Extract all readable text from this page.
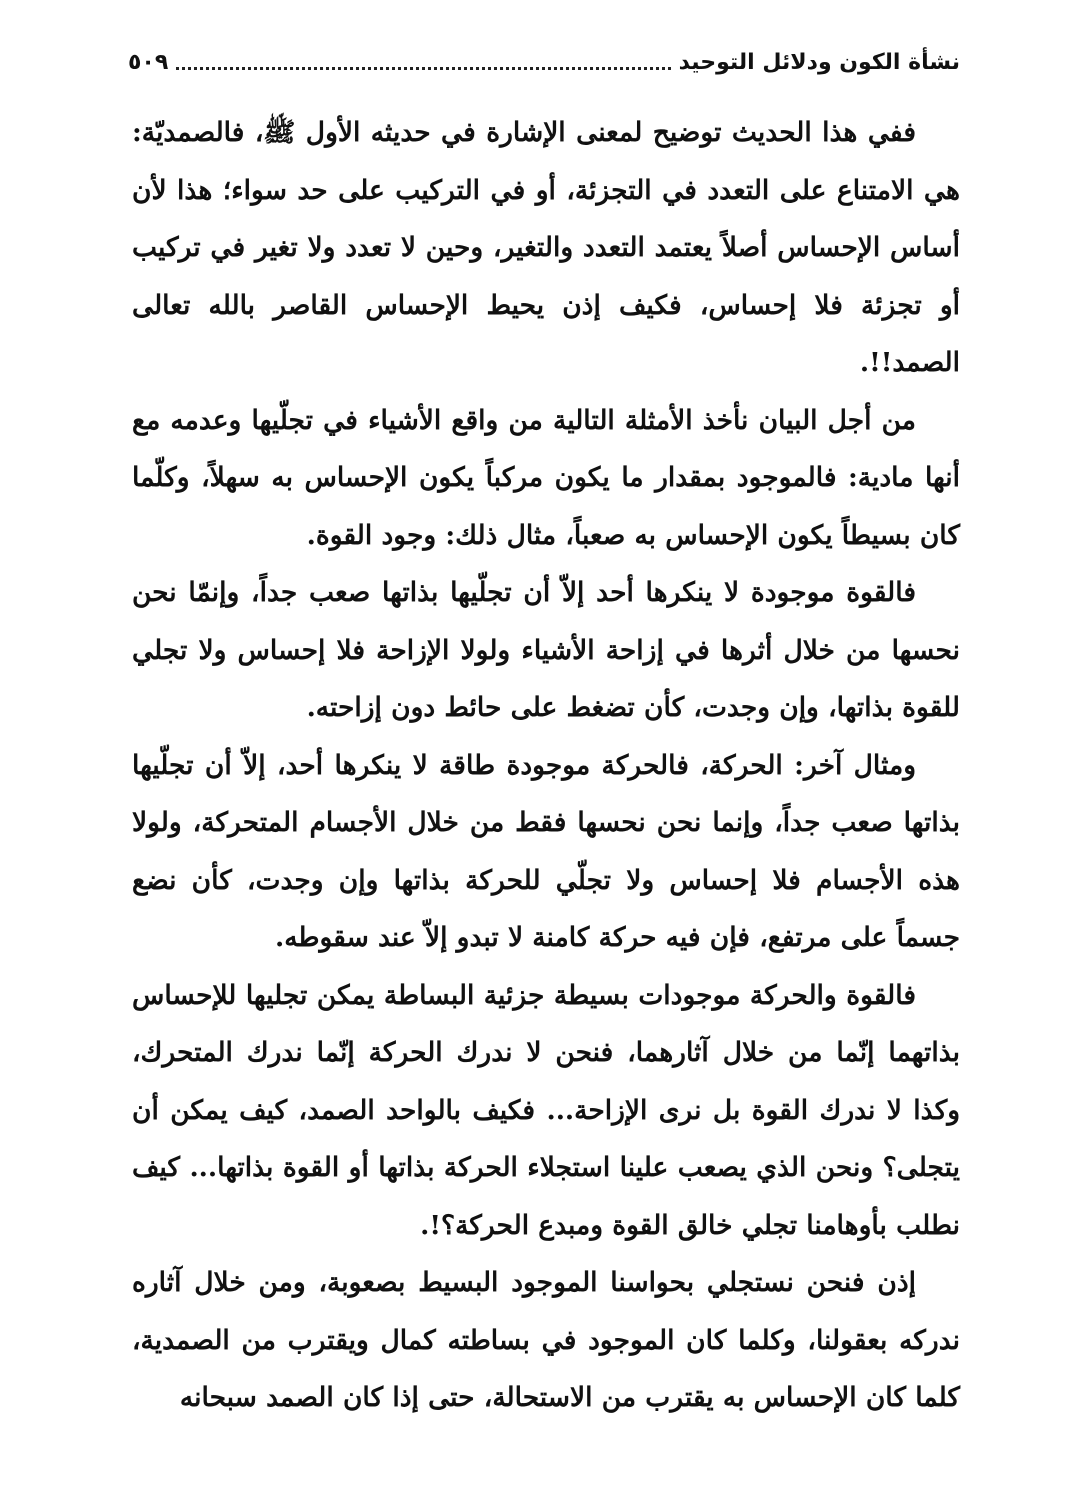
نشأة الكون ودلائل التوحيد
٥٠٩

ففي هذا الحديث توضيح لمعنى الإشارة في حديثه الأول ﷺ، فالصمديّة: هي الامتناع على التعدد في التجزئة، أو في التركيب على حد سواء؛ هذا لأن أساس الإحساس أصلاً يعتمد التعدد والتغير، وحين لا تعدد ولا تغير في تركيب أو تجزئة فلا إحساس، فكيف إذن يحيط الإحساس القاصر بالله تعالى الصمد!!.

من أجل البيان نأخذ الأمثلة التالية من واقع الأشياء في تجلّيها وعدمه مع أنها مادية: فالموجود بمقدار ما يكون مركباً يكون الإحساس به سهلاً، وكلّما كان بسيطاً يكون الإحساس به صعباً، مثال ذلك: وجود القوة.

فالقوة موجودة لا ينكرها أحد إلاّ أن تجلّيها بذاتها صعب جداً، وإنمّا نحن نحسها من خلال أثرها في إزاحة الأشياء ولولا الإزاحة فلا إحساس ولا تجلي للقوة بذاتها، وإن وجدت، كأن تضغط على حائط دون إزاحته.

ومثال آخر: الحركة، فالحركة موجودة طاقة لا ينكرها أحد، إلاّ أن تجلّيها بذاتها صعب جداً، وإنما نحن نحسها فقط من خلال الأجسام المتحركة، ولولا هذه الأجسام فلا إحساس ولا تجلّي للحركة بذاتها وإن وجدت، كأن نضع جسماً على مرتفع، فإن فيه حركة كامنة لا تبدو إلاّ عند سقوطه.

فالقوة والحركة موجودات بسيطة جزئية البساطة يمكن تجليها للإحساس بذاتهما إنّما من خلال آثارهما، فنحن لا ندرك الحركة إنّما ندرك المتحرك، وكذا لا ندرك القوة بل نرى الإزاحة... فكيف بالواحد الصمد، كيف يمكن أن يتجلى؟ ونحن الذي يصعب علينا استجلاء الحركة بذاتها أو القوة بذاتها... كيف نطلب بأوهامنا تجلي خالق القوة ومبدع الحركة؟!.

إذن فنحن نستجلي بحواسنا الموجود البسيط بصعوبة، ومن خلال آثاره ندركه بعقولنا، وكلما كان الموجود في بساطته كمال ويقترب من الصمدية، كلما كان الإحساس به يقترب من الاستحالة، حتى إذا كان الصمد سبحانه
